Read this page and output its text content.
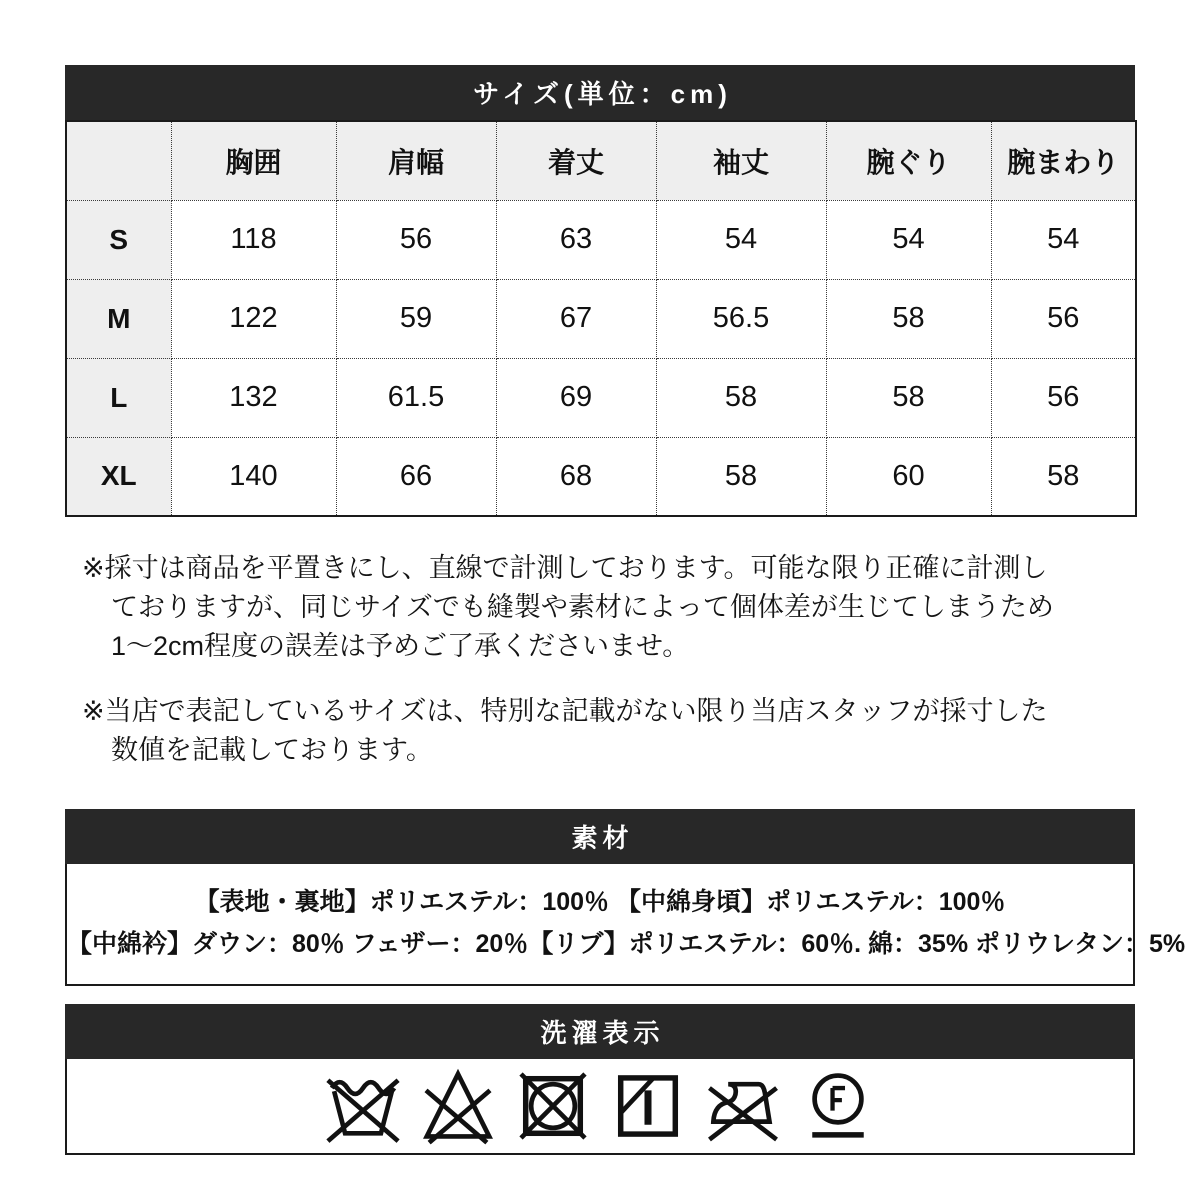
サイズ(単位：cm)
	胸囲	肩幅	着丈	袖丈	腕ぐり	腕まわり
S	118	56	63	54	54	54
M	122	59	67	56.5	58	56
L	132	61.5	69	58	58	56
XL	140	66	68	58	60	58
※採寸は商品を平置きにし、直線で計測しております。可能な限り正確に計測し
ておりますが、同じサイズでも縫製や素材によって個体差が生じてしまうため
1〜2cm程度の誤差は予めご了承くださいませ。
※当店で表記しているサイズは、特別な記載がない限り当店スタッフが採寸した
数値を記載しております。
素材
【表地・裏地】ポリエステル：100％ 【中綿身頃】ポリエステル：100％
【中綿衿】ダウン：80％ フェザー：20％【リブ】ポリエステル：60％. 綿：35% ポリウレタン：5%
洗濯表示
